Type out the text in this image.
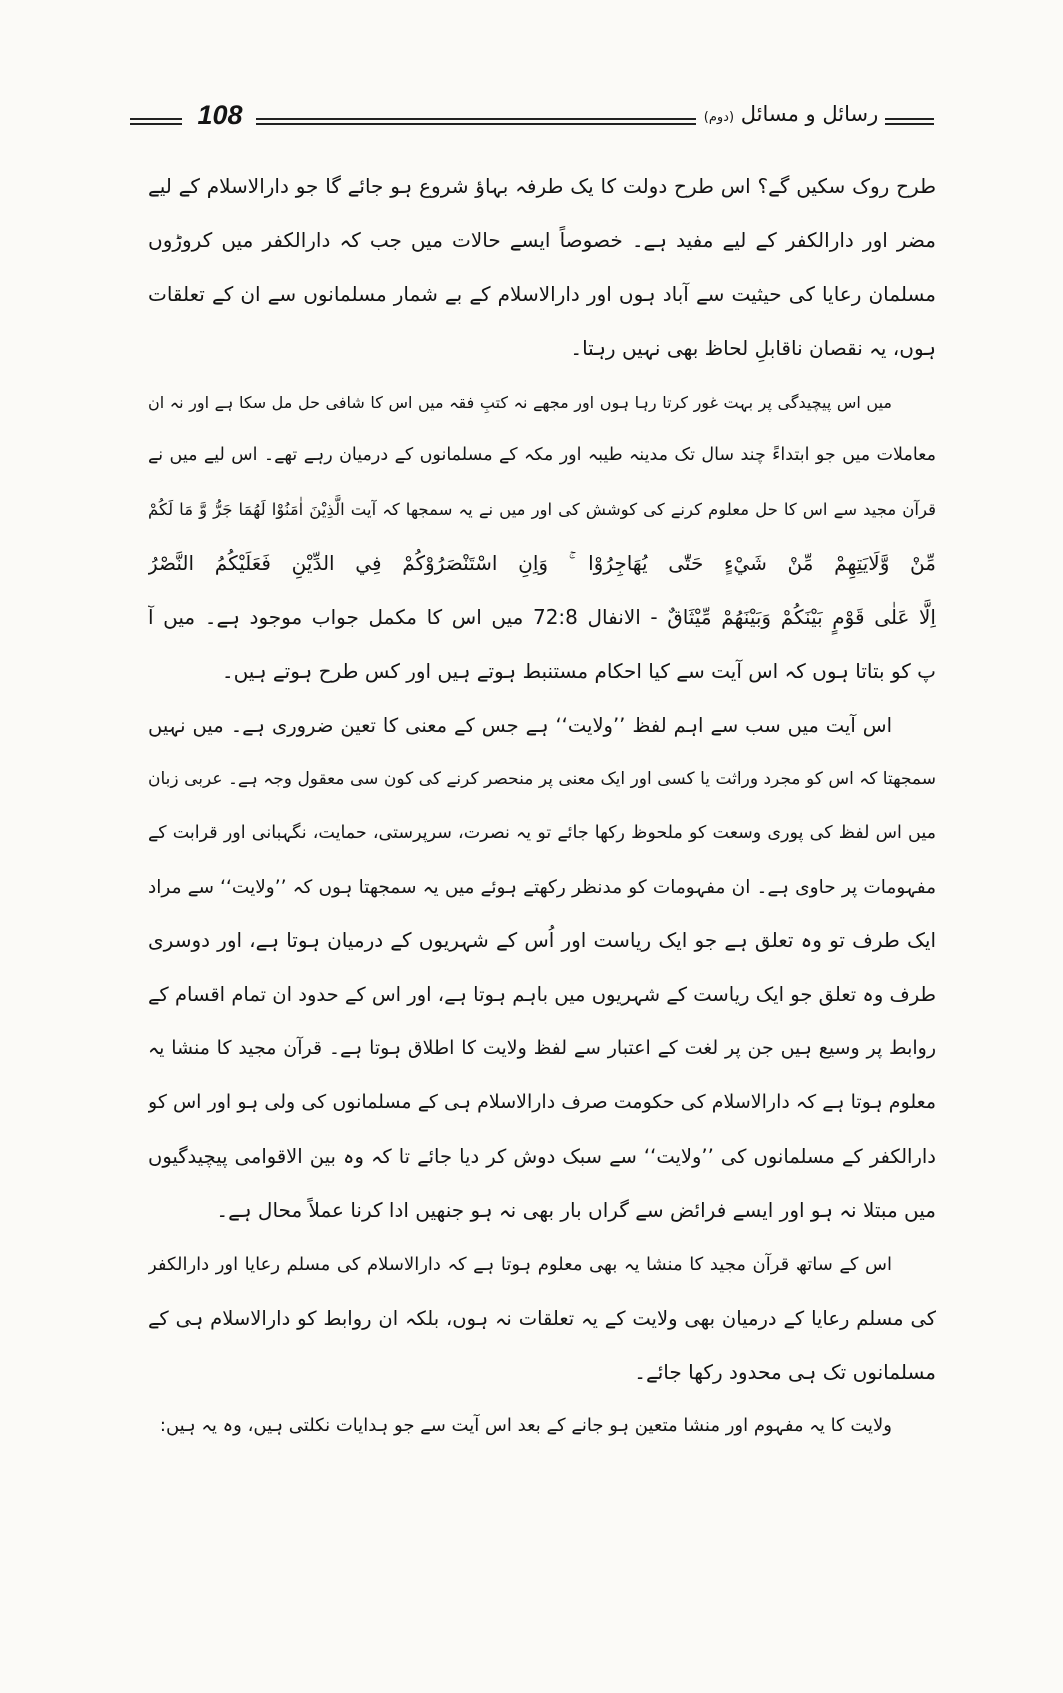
108	رسائل و مسائل (دوم)
طرح روک سکیں گے؟ اس طرح دولت کا یک طرفہ بہاؤ شروع ہو جائے گا جو دارالاسلام کے لیے
مضر اور دارالکفر کے لیے مفید ہے۔ خصوصاً ایسے حالات میں جب کہ دارالکفر میں کروڑوں
مسلمان رعایا کی حیثیت سے آباد ہوں اور دارالاسلام کے بے شمار مسلمانوں سے ان کے تعلقات
ہوں، یہ نقصان ناقابلِ لحاظ بھی نہیں رہتا۔
میں اس پیچیدگی پر بہت غور کرتا رہا ہوں اور مجھے نہ کتبِ فقہ میں اس کا شافی حل مل سکا ہے اور نہ ان
معاملات میں جو ابتداءً چند سال تک مدینہ طیبہ اور مکہ کے مسلمانوں کے درمیان رہے تھے۔ اس لیے میں نے
قرآن مجید سے اس کا حل معلوم کرنے کی کوشش کی اور میں نے یہ سمجھا کہ آیت الَّذِيْنَ اٰمَنُوْا لَهُمَا جَرُّ وَّ مَا لَكُمْ
مِّنْ وَّلَايَتِهِمْ مِّنْ شَيْءٍ حَتّٰى يُهَاجِرُوْا ۚ وَاِنِ اسْتَنْصَرُوْكُمْ فِي الدِّيْنِ فَعَلَيْكُمُ النَّصْرُ
اِلَّا عَلٰى قَوْمٍ بَيْنَكُمْ وَبَيْنَهُمْ مِّيْثَاقٌ - الانفال 72:8 میں اس کا مکمل جواب موجود ہے۔ میں آ
پ کو بتاتا ہوں کہ اس آیت سے کیا احکام مستنبط ہوتے ہیں اور کس طرح ہوتے ہیں۔
اس آیت میں سب سے اہم لفظ ’’ولایت‘‘ ہے جس کے معنی کا تعین ضروری ہے۔ میں نہیں
سمجھتا کہ اس کو مجرد وراثت یا کسی اور ایک معنی پر منحصر کرنے کی کون سی معقول وجہ ہے۔ عربی زبان
میں اس لفظ کی پوری وسعت کو ملحوظ رکھا جائے تو یہ نصرت، سرپرستی، حمایت، نگہبانی اور قرابت کے
مفہومات پر حاوی ہے۔ ان مفہومات کو مدنظر رکھتے ہوئے میں یہ سمجھتا ہوں کہ ’’ولایت‘‘ سے مراد
ایک طرف تو وہ تعلق ہے جو ایک ریاست اور اُس کے شہریوں کے درمیان ہوتا ہے، اور دوسری
طرف وہ تعلق جو ایک ریاست کے شہریوں میں باہم ہوتا ہے، اور اس کے حدود ان تمام اقسام کے
روابط پر وسیع ہیں جن پر لغت کے اعتبار سے لفظ ولایت کا اطلاق ہوتا ہے۔ قرآن مجید کا منشا یہ
معلوم ہوتا ہے کہ دارالاسلام کی حکومت صرف دارالاسلام ہی کے مسلمانوں کی ولی ہو اور اس کو
دارالکفر کے مسلمانوں کی ’’ولایت‘‘ سے سبک دوش کر دیا جائے تا کہ وہ بین الاقوامی پیچیدگیوں
میں مبتلا نہ ہو اور ایسے فرائض سے گراں بار بھی نہ ہو جنھیں ادا کرنا عملاً محال ہے۔
اس کے ساتھ قرآن مجید کا منشا یہ بھی معلوم ہوتا ہے کہ دارالاسلام کی مسلم رعایا اور دارالکفر
کی مسلم رعایا کے درمیان بھی ولایت کے یہ تعلقات نہ ہوں، بلکہ ان روابط کو دارالاسلام ہی کے
مسلمانوں تک ہی محدود رکھا جائے۔
ولایت کا یہ مفہوم اور منشا متعین ہو جانے کے بعد اس آیت سے جو ہدایات نکلتی ہیں، وہ یہ ہیں:
